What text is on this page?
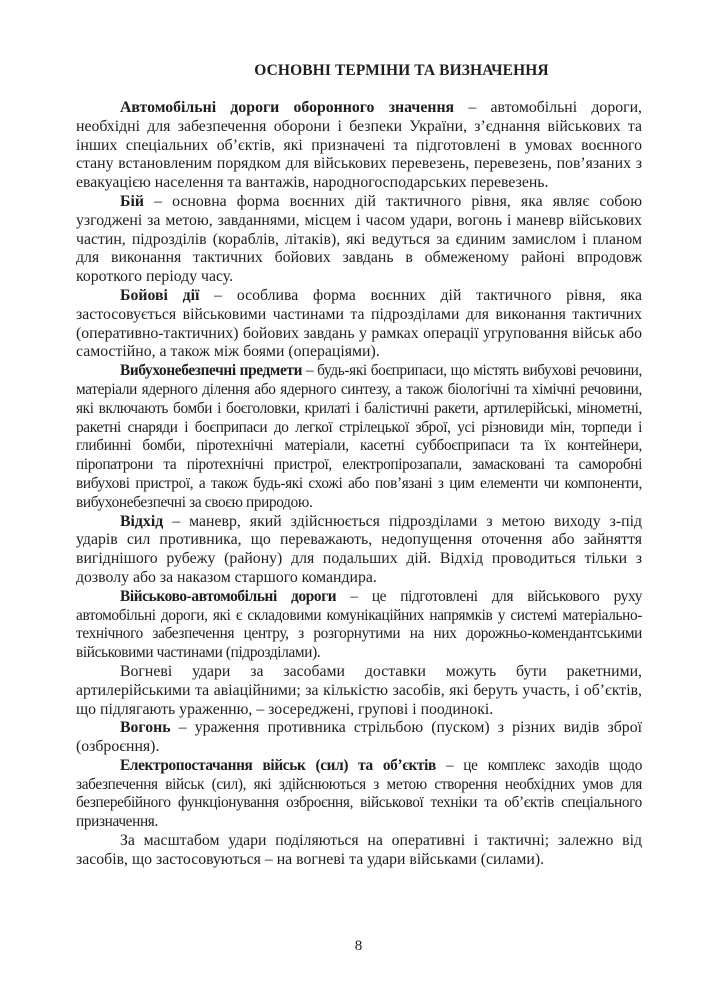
ОСНОВНІ ТЕРМІНИ ТА ВИЗНАЧЕННЯ

Автомобільні дороги оборонного значення – автомобільні дороги, необхідні для забезпечення оборони і безпеки України, з’єднання військових та інших спеціальних об’єктів, які призначені та підготовлені в умовах воєнного стану встановленим порядком для військових перевезень, перевезень, пов’язаних з евакуацією населення та вантажів, народногосподарських перевезень.

Бій – основна форма воєнних дій тактичного рівня, яка являє собою узгоджені за метою, завданнями, місцем і часом удари, вогонь і маневр військових частин, підрозділів (кораблів, літаків), які ведуться за єдиним замислом і планом для виконання тактичних бойових завдань в обмеженому районі впродовж короткого періоду часу.

Бойові дії – особлива форма воєнних дій тактичного рівня, яка застосовується військовими частинами та підрозділами для виконання тактичних (оперативно-тактичних) бойових завдань у рамках операції угруповання військ або самостійно, а також між боями (операціями).

Вибухонебезпечні предмети – будь-які боєприпаси, що містять вибухові речовини, матеріали ядерного ділення або ядерного синтезу, а також біологічні та хімічні речовини, які включають бомби і боєголовки, крилаті і балістичні ракети, артилерійські, мінометні, ракетні снаряди і боєприпаси до легкої стрілецької зброї, усі різновиди мін, торпеди і глибинні бомби, піротехнічні матеріали, касетні суббоєприпаси та їх контейнери, піропатрони та піротехнічні пристрої, електропірозапали, замасковані та саморобні вибухові пристрої, а також будь-які схожі або пов’язані з цим елементи чи компоненти, вибухонебезпечні за своєю природою.

Відхід – маневр, який здійснюється підрозділами з метою виходу з-під ударів сил противника, що переважають, недопущення оточення або зайняття вигіднішого рубежу (району) для подальших дій. Відхід проводиться тільки з дозволу або за наказом старшого командира.

Військово-автомобільні дороги – це підготовлені для військового руху автомобільні дороги, які є складовими комунікаційних напрямків у системі матеріально-технічного забезпечення центру, з розгорнутими на них дорожньо-комендантськими військовими частинами (підрозділами).

Вогневі удари за засобами доставки можуть бути ракетними, артилерійськими та авіаційними; за кількістю засобів, які беруть участь, і об’єктів, що підлягають ураженню, – зосереджені, групові і поодинокі.

Вогонь – ураження противника стрільбою (пуском) з різних видів зброї (озброєння).

Електропостачання військ (сил) та об’єктів – це комплекс заходів щодо забезпечення військ (сил), які здійснюються з метою створення необхідних умов для безперебійного функціонування озброєння, військової техніки та об’єктів спеціального призначення.

За масштабом удари поділяються на оперативні і тактичні; залежно від засобів, що застосовуються – на вогневі та удари військами (силами).

8
